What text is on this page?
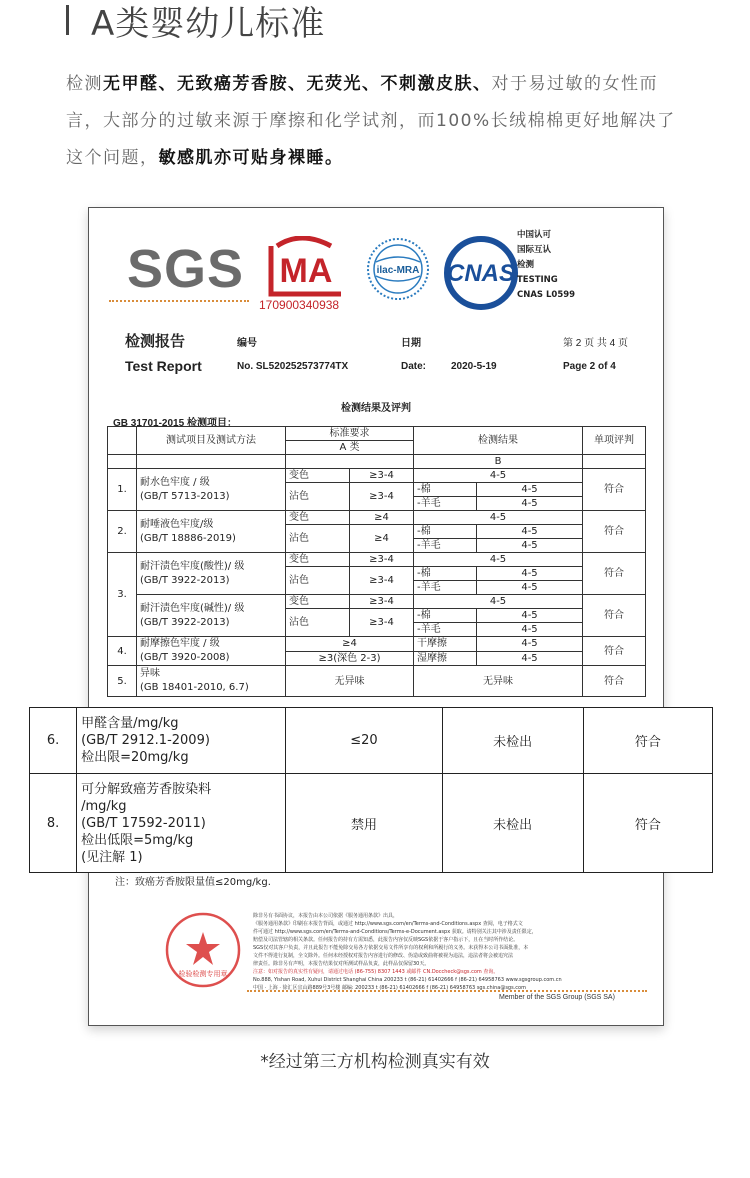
A类婴幼儿标准
检测无甲醛、无致癌芳香胺、无荧光、不刺激皮肤、对于易过敏的女性而言，大部分的过敏来源于摩擦和化学试剂，而100%长绒棉棉更好地解决了这个问题，敏感肌亦可贴身裸睡。
SGS MA
170900340938
ilac-MRA CNAS
中国认可
国际互认
检测
TESTING
CNAS L0599
检测报告
Test Report
编号
No. SL520252573774TX
日期
Date: 2020-5-19
第 2 页 共 4 页
Page 2 of 4
检测结果及评判
GB 31701-2015 检测项目：
	测试项目及测试方法	标准要求		检测结果		单项评判
		A 类				
				B		
1.	耐水色牢度 / 级
(GB/T 5713-2013)	变色	≥3-4	4-5		符合
		沾色	≥3-4	-棉	4-5	
				-羊毛	4-5	
2.	耐唾液色牢度/级
(GB/T 18886-2019)	变色	≥4	4-5		符合
		沾色	≥4	-棉	4-5	
				-羊毛	4-5	
3.	耐汗渍色牢度(酸性)/ 级
(GB/T 3922-2013)	变色	≥3-4	4-5		符合
		沾色	≥3-4	-棉	4-5	
				-羊毛	4-5	

	耐汗渍色牢度(碱性)/ 级
(GB/T 3922-2013)	变色	≥3-4	4-5		符合
		沾色	≥3-4	-棉	4-5	
				-羊毛	4-5	
4.	耐摩擦色牢度 / 级
(GB/T 3920-2008)	≥4		干摩擦	4-5	符合
		≥3(深色 2-3)		湿摩擦	4-5	
5.	异味
(GB 18401-2010, 6.7)	无异味		无异味		符合
注：致癌芳香胺限量值≤20mg/kg.
检验检测专用章
除非另有书面协议，本报告由本公司依据《服务通用条款》出具，
《服务通用条款》印刷在本报告背面，或通过 http://www.sgs.com/en/Terms-and-Conditions.aspx 查阅，电子格式文
件可通过 http://www.sgs.com/en/Terms-and-Conditions/Terms-e-Document.aspx 获取。请特别关注其中涉及责任限定，
赔偿及司法管辖的相关条款。任何报告的持有方需知悉，此报告内容仅反映SGS依据于客户指示下，且在当时所作结论。
SGS仅对其客户负责，并且此报告不能免除交易各方依据交易文件所享有的权利和所履行的义务。未获得本公司书面批准，本
文件不得进行复制，全文除外。任何未经授权对报告内容进行的修改、伪造或致曲将被视为违法，违法者将会被追究法
律责任。除非另有声明，本报告结果仅对所测试样品负责，此样品仅保留30天。
注意：如对报告的真实性有疑问，请通过电话 (86-755) 8307 1443 或邮件 CN.Doccheck@sgs.com 查询。
No.888, Yishan Road, Xuhui District Shanghai China 200233 t (86-21) 61402666 f (86-21) 64958763 www.sgsgroup.com.cn
中国 · 上海 · 徐汇区宜山路889号3号楼 邮编: 200233 t (86-21) 61402666 f (86-21) 64958763 sgs.china@sgs.com
Member of the SGS Group (SGS SA)
6.	甲醛含量/mg/kg
(GB/T 2912.1-2009)
检出限=20mg/kg	≤20	未检出	符合
8.	可分解致癌芳香胺染料
/mg/kg
(GB/T 17592-2011)
检出低限=5mg/kg
(见注解 1)	禁用	未检出	符合
*经过第三方机构检测真实有效
